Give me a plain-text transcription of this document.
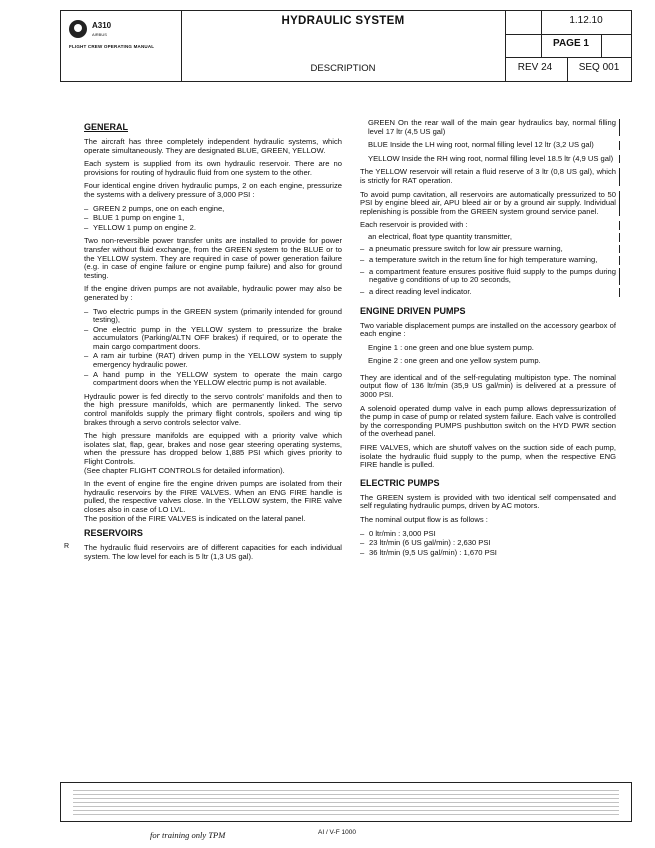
A310
AIRBUS
FLIGHT CREW OPERATING MANUAL
HYDRAULIC SYSTEM
DESCRIPTION
1.12.10
PAGE 1
REV 24	SEQ 001
GENERAL
The aircraft has three completely independent hydraulic systems, which operate simultaneously. They are designated BLUE, GREEN, YELLOW.
Each system is supplied from its own hydraulic reservoir. There are no provisions for routing of hydraulic fluid from one system to the other.
Four identical engine driven hydraulic pumps, 2 on each engine, pressurize the systems with a delivery pressure of 3,000 PSI :
– GREEN 2 pumps, one on each engine,
– BLUE 1 pump on engine 1,
– YELLOW 1 pump on engine 2.
Two non-reversible power transfer units are installed to provide for power transfer without fluid exchange, from the GREEN system to the BLUE or to the YELLOW system. They are required in case of power generation failure (e.g. in case of engine failure or engine pump failure) and also for ground testing.
If the engine driven pumps are not available, hydraulic power may also be generated by :
– Two electric pumps in the GREEN system (primarily intended for ground testing),
– One electric pump in the YELLOW system to pressurize the brake accumulators (Parking/ALTN OFF brakes) if required, or to operate the main cargo compartment doors.
– A ram air turbine (RAT) driven pump in the YELLOW system to supply emergency hydraulic power.
– A hand pump in the YELLOW system to operate the main cargo compartment doors when the YELLOW electric pump is not available.
Hydraulic power is fed directly to the servo controls' manifolds and then to the high pressure manifolds, which are permanently linked. The servo control manifolds supply the primary flight controls, spoilers and wing tip brakes through a servo controls selector valve.
The high pressure manifolds are equipped with a priority valve which isolates slat, flap, gear, brakes and nose gear steering operating systems, when the pressure has dropped below 1,885 PSI which gives priority to Flight Controls.
(See chapter FLIGHT CONTROLS for detailed information).
In the event of engine fire the engine driven pumps are isolated from their hydraulic reservoirs by the FIRE VALVES. When an ENG FIRE handle is pulled, the respective valves close. In the YELLOW system, the FIRE valve closes also in case of LO LVL.
The position of the FIRE VALVES is indicated on the lateral panel.
RESERVOIRS
The hydraulic fluid reservoirs are of different capacities for each individual system. The low level for each is 5 ltr (1,3 US gal).
R
GREEN On the rear wall of the main gear hydraulics bay, normal filling level 17 ltr (4,5 US gal)
BLUE Inside the LH wing root, normal filling level 12 ltr (3,2 US gal)
YELLOW Inside the RH wing root, normal filling level 18.5 ltr (4,9 US gal)
The YELLOW reservoir will retain a fluid reserve of 3 ltr (0,8 US gal), which is strictly for RAT operation.
To avoid pump cavitation, all reservoirs are automatically pressurized to 50 PSI by engine bleed air, APU bleed air or by a ground air supply. Individual replenishing is possible from the GREEN system ground service panel.
Each reservoir is provided with :
an electrical, float type quantity transmitter,
– a pneumatic pressure switch for low air pressure warning,
– a temperature switch in the return line for high temperature warning,
– a compartment feature ensures positive fluid supply to the pumps during negative g conditions of up to 20 seconds,
– a direct reading level indicator.
ENGINE DRIVEN PUMPS
Two variable displacement pumps are installed on the accessory gearbox of each engine :
Engine 1 : one green and one blue system pump.
Engine 2 : one green and one yellow system pump.
They are identical and of the self-regulating multipiston type. The nominal output flow of 136 ltr/min (35,9 US gal/min) is delivered at a pressure of 3000 PSI.
A solenoid operated dump valve in each pump allows depressurization of the pump in case of pump or related system failure. Each valve is controlled by the corresponding PUMPS pushbutton switch on the HYD PWR section of the overhead panel.
FIRE VALVES, which are shutoff valves on the suction side of each pump, isolate the hydraulic fluid supply to the pump, when the respective ENG FIRE handle is pulled.
ELECTRIC PUMPS
The GREEN system is provided with two identical self compensated and self regulating hydraulic pumps, driven by AC motors.
The nominal output flow is as follows :
– 0 ltr/min : 3,000 PSI
– 23 ltr/min (6 US gal/min) : 2,630 PSI
– 36 ltr/min (9,5 US gal/min) : 1,670 PSI
for training only TPM	AI / V-F 1000
